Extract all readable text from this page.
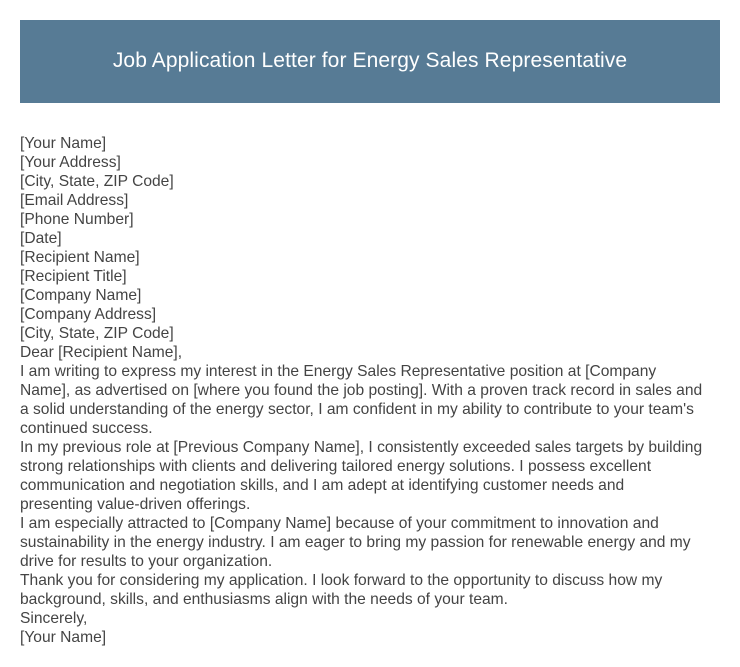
Job Application Letter for Energy Sales Representative
[Your Name]
[Your Address]
[City, State, ZIP Code]
[Email Address]
[Phone Number]
[Date]
[Recipient Name]
[Recipient Title]
[Company Name]
[Company Address]
[City, State, ZIP Code]
Dear [Recipient Name],
I am writing to express my interest in the Energy Sales Representative position at [Company
Name], as advertised on [where you found the job posting]. With a proven track record in sales and
a solid understanding of the energy sector, I am confident in my ability to contribute to your team's
continued success.
In my previous role at [Previous Company Name], I consistently exceeded sales targets by building
strong relationships with clients and delivering tailored energy solutions. I possess excellent
communication and negotiation skills, and I am adept at identifying customer needs and
presenting value-driven offerings.
I am especially attracted to [Company Name] because of your commitment to innovation and
sustainability in the energy industry. I am eager to bring my passion for renewable energy and my
drive for results to your organization.
Thank you for considering my application. I look forward to the opportunity to discuss how my
background, skills, and enthusiasms align with the needs of your team.
Sincerely,
[Your Name]
